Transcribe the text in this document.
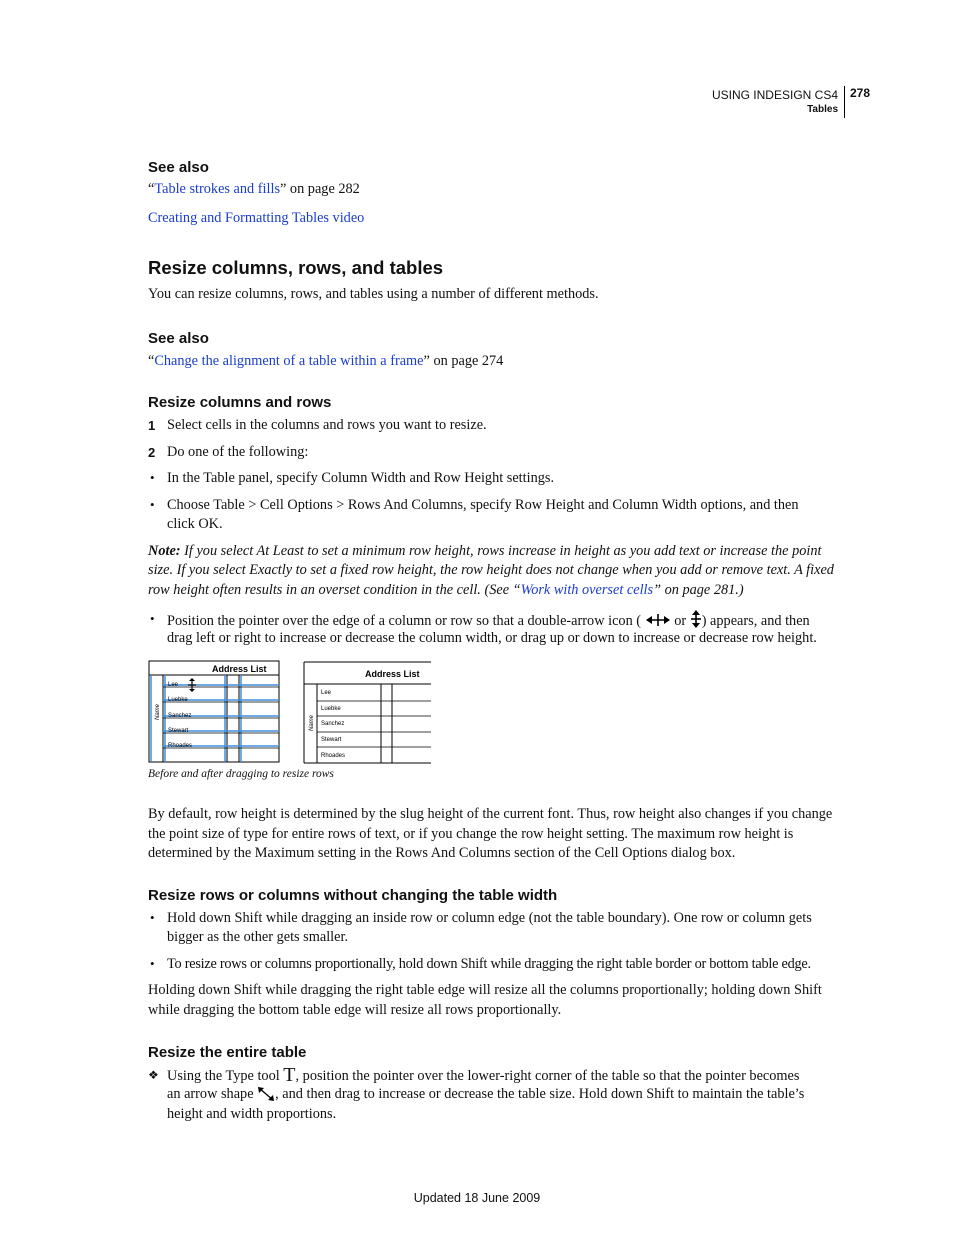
USING INDESIGN CS4
Tables
278
See also
“Table strokes and fills” on page 282
Creating and Formatting Tables video
Resize columns, rows, and tables
You can resize columns, rows, and tables using a number of different methods.
See also
“Change the alignment of a table within a frame” on page 274
Resize columns and rows
1 Select cells in the columns and rows you want to resize.
2 Do one of the following:
• In the Table panel, specify Column Width and Row Height settings.
• Choose Table > Cell Options > Rows And Columns, specify Row Height and Column Width options, and then
click OK.
Note: If you select At Least to set a minimum row height, rows increase in height as you add text or increase the point
size. If you select Exactly to set a fixed row height, the row height does not change when you add or remove text. A fixed
row height often results in an overset condition in the cell. (See “Work with overset cells” on page 281.)
• Position the pointer over the edge of a column or row so that a double-arrow icon ( or ) appears, and then
drag left or right to increase or decrease the column width, or drag up or down to increase or decrease row height.
Address List
Name
Lee
Luebke
Sanchez
Stewart
Rhoades
Address List
Name
Lee
Luebke
Sanchez
Stewart
Rhoades
Before and after dragging to resize rows
By default, row height is determined by the slug height of the current font. Thus, row height also changes if you change
the point size of type for entire rows of text, or if you change the row height setting. The maximum row height is
determined by the Maximum setting in the Rows And Columns section of the Cell Options dialog box.
Resize rows or columns without changing the table width
• Hold down Shift while dragging an inside row or column edge (not the table boundary). One row or column gets
bigger as the other gets smaller.
• To resize rows or columns proportionally, hold down Shift while dragging the right table border or bottom table edge.
Holding down Shift while dragging the right table edge will resize all the columns proportionally; holding down Shift
while dragging the bottom table edge will resize all rows proportionally.
Resize the entire table
❖ Using the Type tool T, position the pointer over the lower-right corner of the table so that the pointer becomes
an arrow shape , and then drag to increase or decrease the table size. Hold down Shift to maintain the table’s
height and width proportions.
Updated 18 June 2009
